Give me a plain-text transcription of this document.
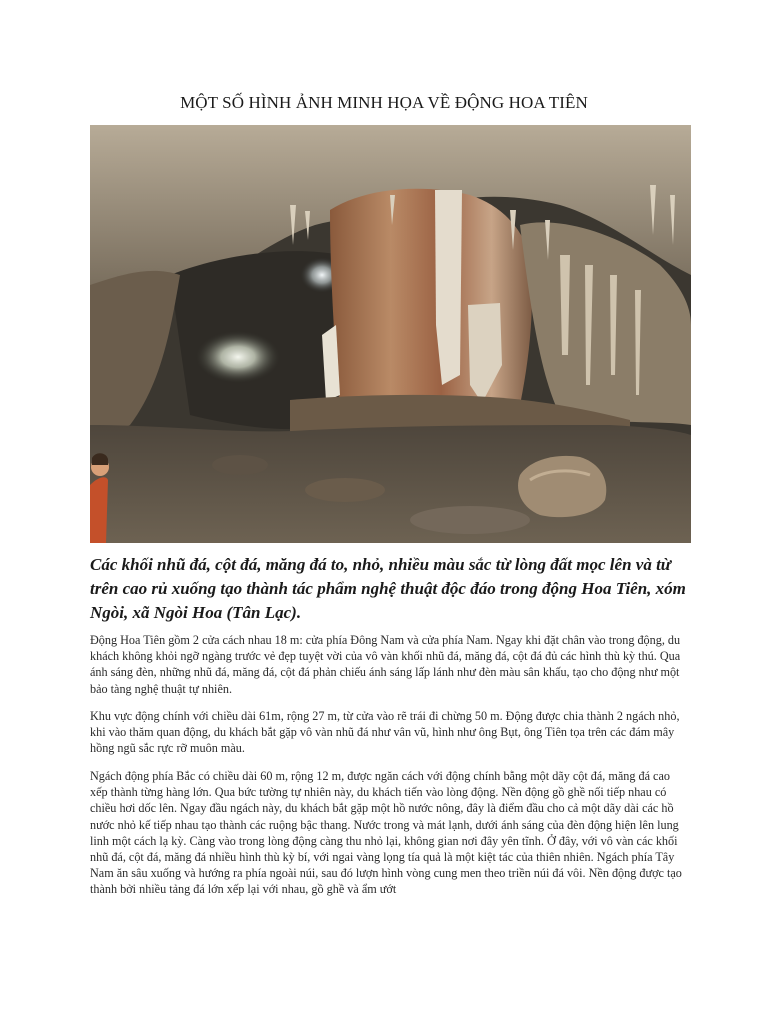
MỘT SỐ HÌNH ẢNH MINH HỌA VỀ ĐỘNG HOA TIÊN
Các khối nhũ đá, cột đá, măng đá to, nhỏ, nhiều màu sắc từ lòng đất mọc lên và từ trên cao rủ xuống tạo thành tác phẩm nghệ thuật độc đáo trong động Hoa Tiên, xóm Ngòi, xã Ngòi Hoa (Tân Lạc).
Động Hoa Tiên gồm 2 cửa cách nhau 18 m: cửa phía Đông Nam và cửa phía Nam. Ngay khi đặt chân vào trong động, du khách không khỏi ngỡ ngàng trước vẻ đẹp tuyệt vời của vô vàn khối nhũ đá, măng đá, cột đá đủ các hình thù kỳ thú. Qua ánh sáng đèn, những nhũ đá, măng đá, cột đá phản chiếu ánh sáng lấp lánh như đèn màu sân khấu, tạo cho động như một bảo tàng nghệ thuật tự nhiên.
Khu vực động chính với chiều dài 61m, rộng 27 m, từ cửa vào rẽ trái đi chừng 50 m. Động được chia thành 2 ngách nhỏ, khi vào thăm quan động, du khách bắt gặp vô vàn nhũ đá như vân vũ, hình như ông Bụt, ông Tiên tọa trên các đám mây hồng ngũ sắc rực rỡ muôn màu.
Ngách động phía Bắc có chiều dài 60 m, rộng 12 m, được ngăn cách với động chính bằng một dãy cột đá, măng đá cao xếp thành từng hàng lớn. Qua bức tường tự nhiên này, du khách tiến vào lòng động. Nền động gồ ghề nối tiếp nhau có chiều hơi dốc lên. Ngay đầu ngách này, du khách bắt gặp một hồ nước nông, đây là điểm đầu cho cả một dãy dài các hồ nước nhỏ kế tiếp nhau tạo thành các ruộng bậc thang. Nước trong và mát lạnh, dưới ánh sáng của đèn động hiện lên lung linh một cách lạ kỳ. Càng vào trong lòng động càng thu nhỏ lại, không gian nơi đây yên tĩnh. Ở đây, với vô vàn các khối nhũ đá, cột đá, măng đá nhiều hình thù kỳ bí, với ngai vàng lọng tía quả là một kiệt tác của thiên nhiên. Ngách phía Tây Nam ăn sâu xuống và hướng ra phía ngoài núi, sau đó lượn hình vòng cung men theo triền núi đá vôi. Nền động được tạo thành bởi nhiều tảng đá lớn xếp lại với nhau, gồ ghề và ẩm ướt
